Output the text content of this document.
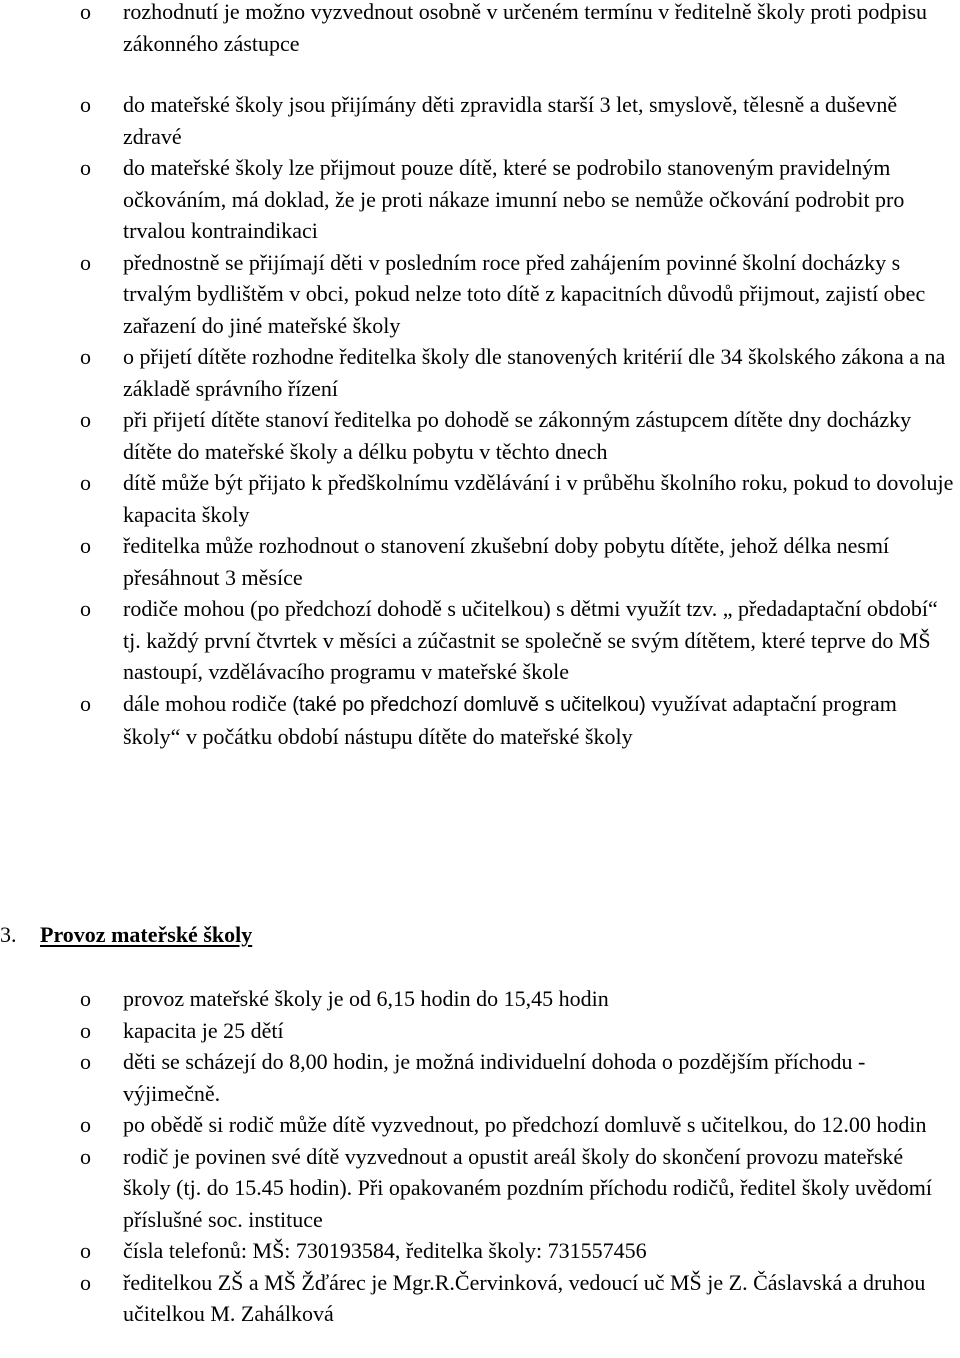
o	rozhodnutí je možno vyzvednout osobně v určeném termínu v ředitelně školy proti podpisu zákonného zástupce
o	do mateřské školy jsou přijímány děti zpravidla starší 3 let, smyslově, tělesně a duševně zdravé
o	do mateřské školy lze přijmout pouze dítě, které se podrobilo stanoveným pravidelným očkováním, má doklad, že je proti nákaze imunní nebo se nemůže očkování podrobit pro trvalou kontraindikaci
o	přednostně se přijímají děti v posledním roce před zahájením povinné školní docházky s trvalým bydlištěm v obci, pokud nelze toto dítě z kapacitních důvodů přijmout, zajistí obec zařazení do jiné mateřské školy
o	o přijetí dítěte rozhodne ředitelka školy dle stanovených kritérií dle 34 školského zákona a na základě správního řízení
o	při přijetí dítěte stanoví ředitelka po dohodě se zákonným zástupcem dítěte dny docházky dítěte do mateřské školy a délku pobytu v těchto dnech
o	dítě může být přijato k předškolnímu vzdělávání i v průběhu školního roku, pokud to dovoluje kapacita školy
o	ředitelka může rozhodnout o stanovení zkušební doby pobytu dítěte, jehož délka nesmí přesáhnout 3 měsíce
o	rodiče mohou (po předchozí dohodě s učitelkou) s dětmi využít tzv. „ předadaptační období“ tj. každý první čtvrtek v měsíci a zúčastnit se společně se svým dítětem, které teprve do MŠ nastoupí, vzdělávacího programu v mateřské škole
o	dále mohou rodiče (také po předchozí domluvě s učitelkou) využívat adaptační program školy“ v počátku období nástupu dítěte do mateřské školy
3. Provoz mateřské školy
o	provoz mateřské školy je od 6,15 hodin do 15,45 hodin
o	kapacita je 25 dětí
o	děti se scházejí do 8,00 hodin, je možná individuelní dohoda o pozdějším příchodu - výjimečně.
o	po obědě si rodič může dítě vyzvednout, po předchozí domluvě s učitelkou, do 12.00 hodin
o	rodič je povinen své dítě vyzvednout a opustit areál školy do skončení provozu mateřské školy (tj. do 15.45 hodin). Při opakovaném pozdním příchodu rodičů, ředitel školy uvědomí příslušné soc. instituce
o	čísla telefonů: MŠ: 730193584, ředitelka školy: 731557456
o	ředitelkou ZŠ a MŠ Žďárec je Mgr.R.Červinková, vedoucí uč MŠ je Z. Čáslavská a druhou učitelkou M. Zahálková
